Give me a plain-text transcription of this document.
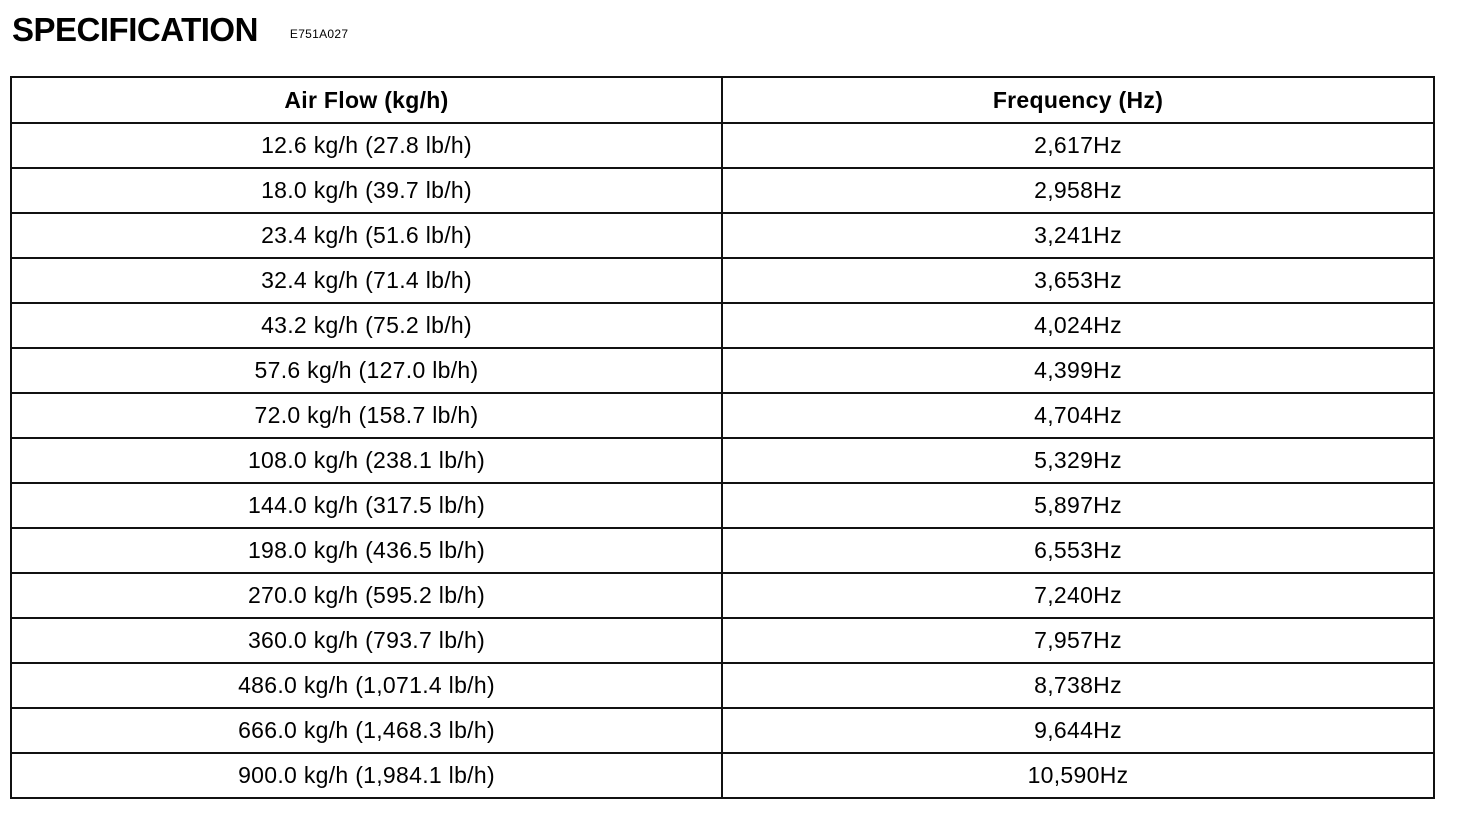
SPECIFICATION	E751A027
Air Flow (kg/h)	Frequency (Hz)
12.6 kg/h (27.8 lb/h)	2,617Hz
18.0 kg/h (39.7 lb/h)	2,958Hz
23.4 kg/h (51.6 lb/h)	3,241Hz
32.4 kg/h (71.4 lb/h)	3,653Hz
43.2 kg/h (75.2 lb/h)	4,024Hz
57.6 kg/h (127.0 lb/h)	4,399Hz
72.0 kg/h (158.7 lb/h)	4,704Hz
108.0 kg/h (238.1 lb/h)	5,329Hz
144.0 kg/h (317.5 lb/h)	5,897Hz
198.0 kg/h (436.5 lb/h)	6,553Hz
270.0 kg/h (595.2 lb/h)	7,240Hz
360.0 kg/h (793.7 lb/h)	7,957Hz
486.0 kg/h (1,071.4 lb/h)	8,738Hz
666.0 kg/h (1,468.3 lb/h)	9,644Hz
900.0 kg/h (1,984.1 lb/h)	10,590Hz
